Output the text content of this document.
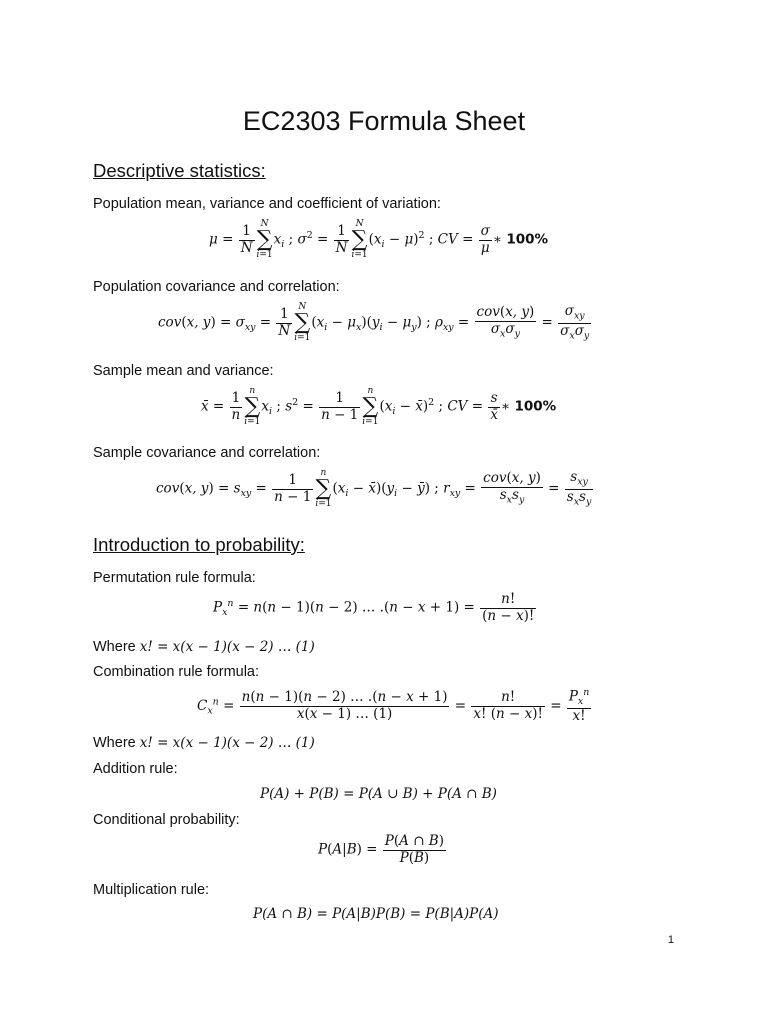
EC2303 Formula Sheet
Descriptive statistics:
Population mean, variance and coefficient of variation:
$\mu = \frac{1}{N}$ N
∑
i=1
$x_i$ ; $\sigma^2 = \frac{1}{N}$ N
∑
i=1
$(x_i - \mu)^2$ ; CV = $\frac{\sigma}{\mu}$ ∗ 100%
Population covariance and correlation:
cov(x, $y) = \sigma_{xy} = \frac{1}{N}$ N
∑
i=1
$(x_i - \mu_x)(y_i - \mu_y)$ ; $\rho_{xy}$ =
cov(x, y)
$\sigma_x\sigma_y$
=
$\sigma_{xy}$
$\sigma_x\sigma_y$
Sample mean and variance:
x̄ = $\frac{1}{n}$ n
∑
i=1
$x_i$ ; $s^2 = \frac{1}{n - 1}$ n
∑
i=1
($x_i$ − x̄)$^2$ ; CV = $\frac{s}{x̄}$ ∗ 100%
Sample covariance and correlation:
cov(x, $y) = s_{xy} = \frac{1}{n - 1}$ n
∑
i=1
($x_i$ − $x̄)(y_i$ − ȳ) ; $r_{xy}$ =
cov(x, y)
$s_xs_y$
=
$s_{xy}$
$s_xs_y$
Introduction to probability:
Permutation rule formula:
$P_x^n = n(n - 1)(n - 2)$ … $.(n - x + 1) = \frac{n!}{(n - x)!}$
Where x! = x(x − 1)(x − 2) … (1)
Combination rule formula:
$C_x^n = \frac{n(n - 1)(n - 2) \dots .(n - x + 1)}{x(x - 1) \dots (1)} = \frac{n!}{x! (n - x)!}$ =
$P_x^n$
x!
Where x! = x(x − 1)(x − 2) … (1)
Addition rule:
P(A) + P(B) = P(A ∪ B) + P(A ∩ B)
Conditional probability:
$P(A|B) = \frac{P(A \cap B)}{P(B)}$
Multiplication rule:
P(A ∩ B) = P(A|B)P(B) = P(B|A)P(A)
1
